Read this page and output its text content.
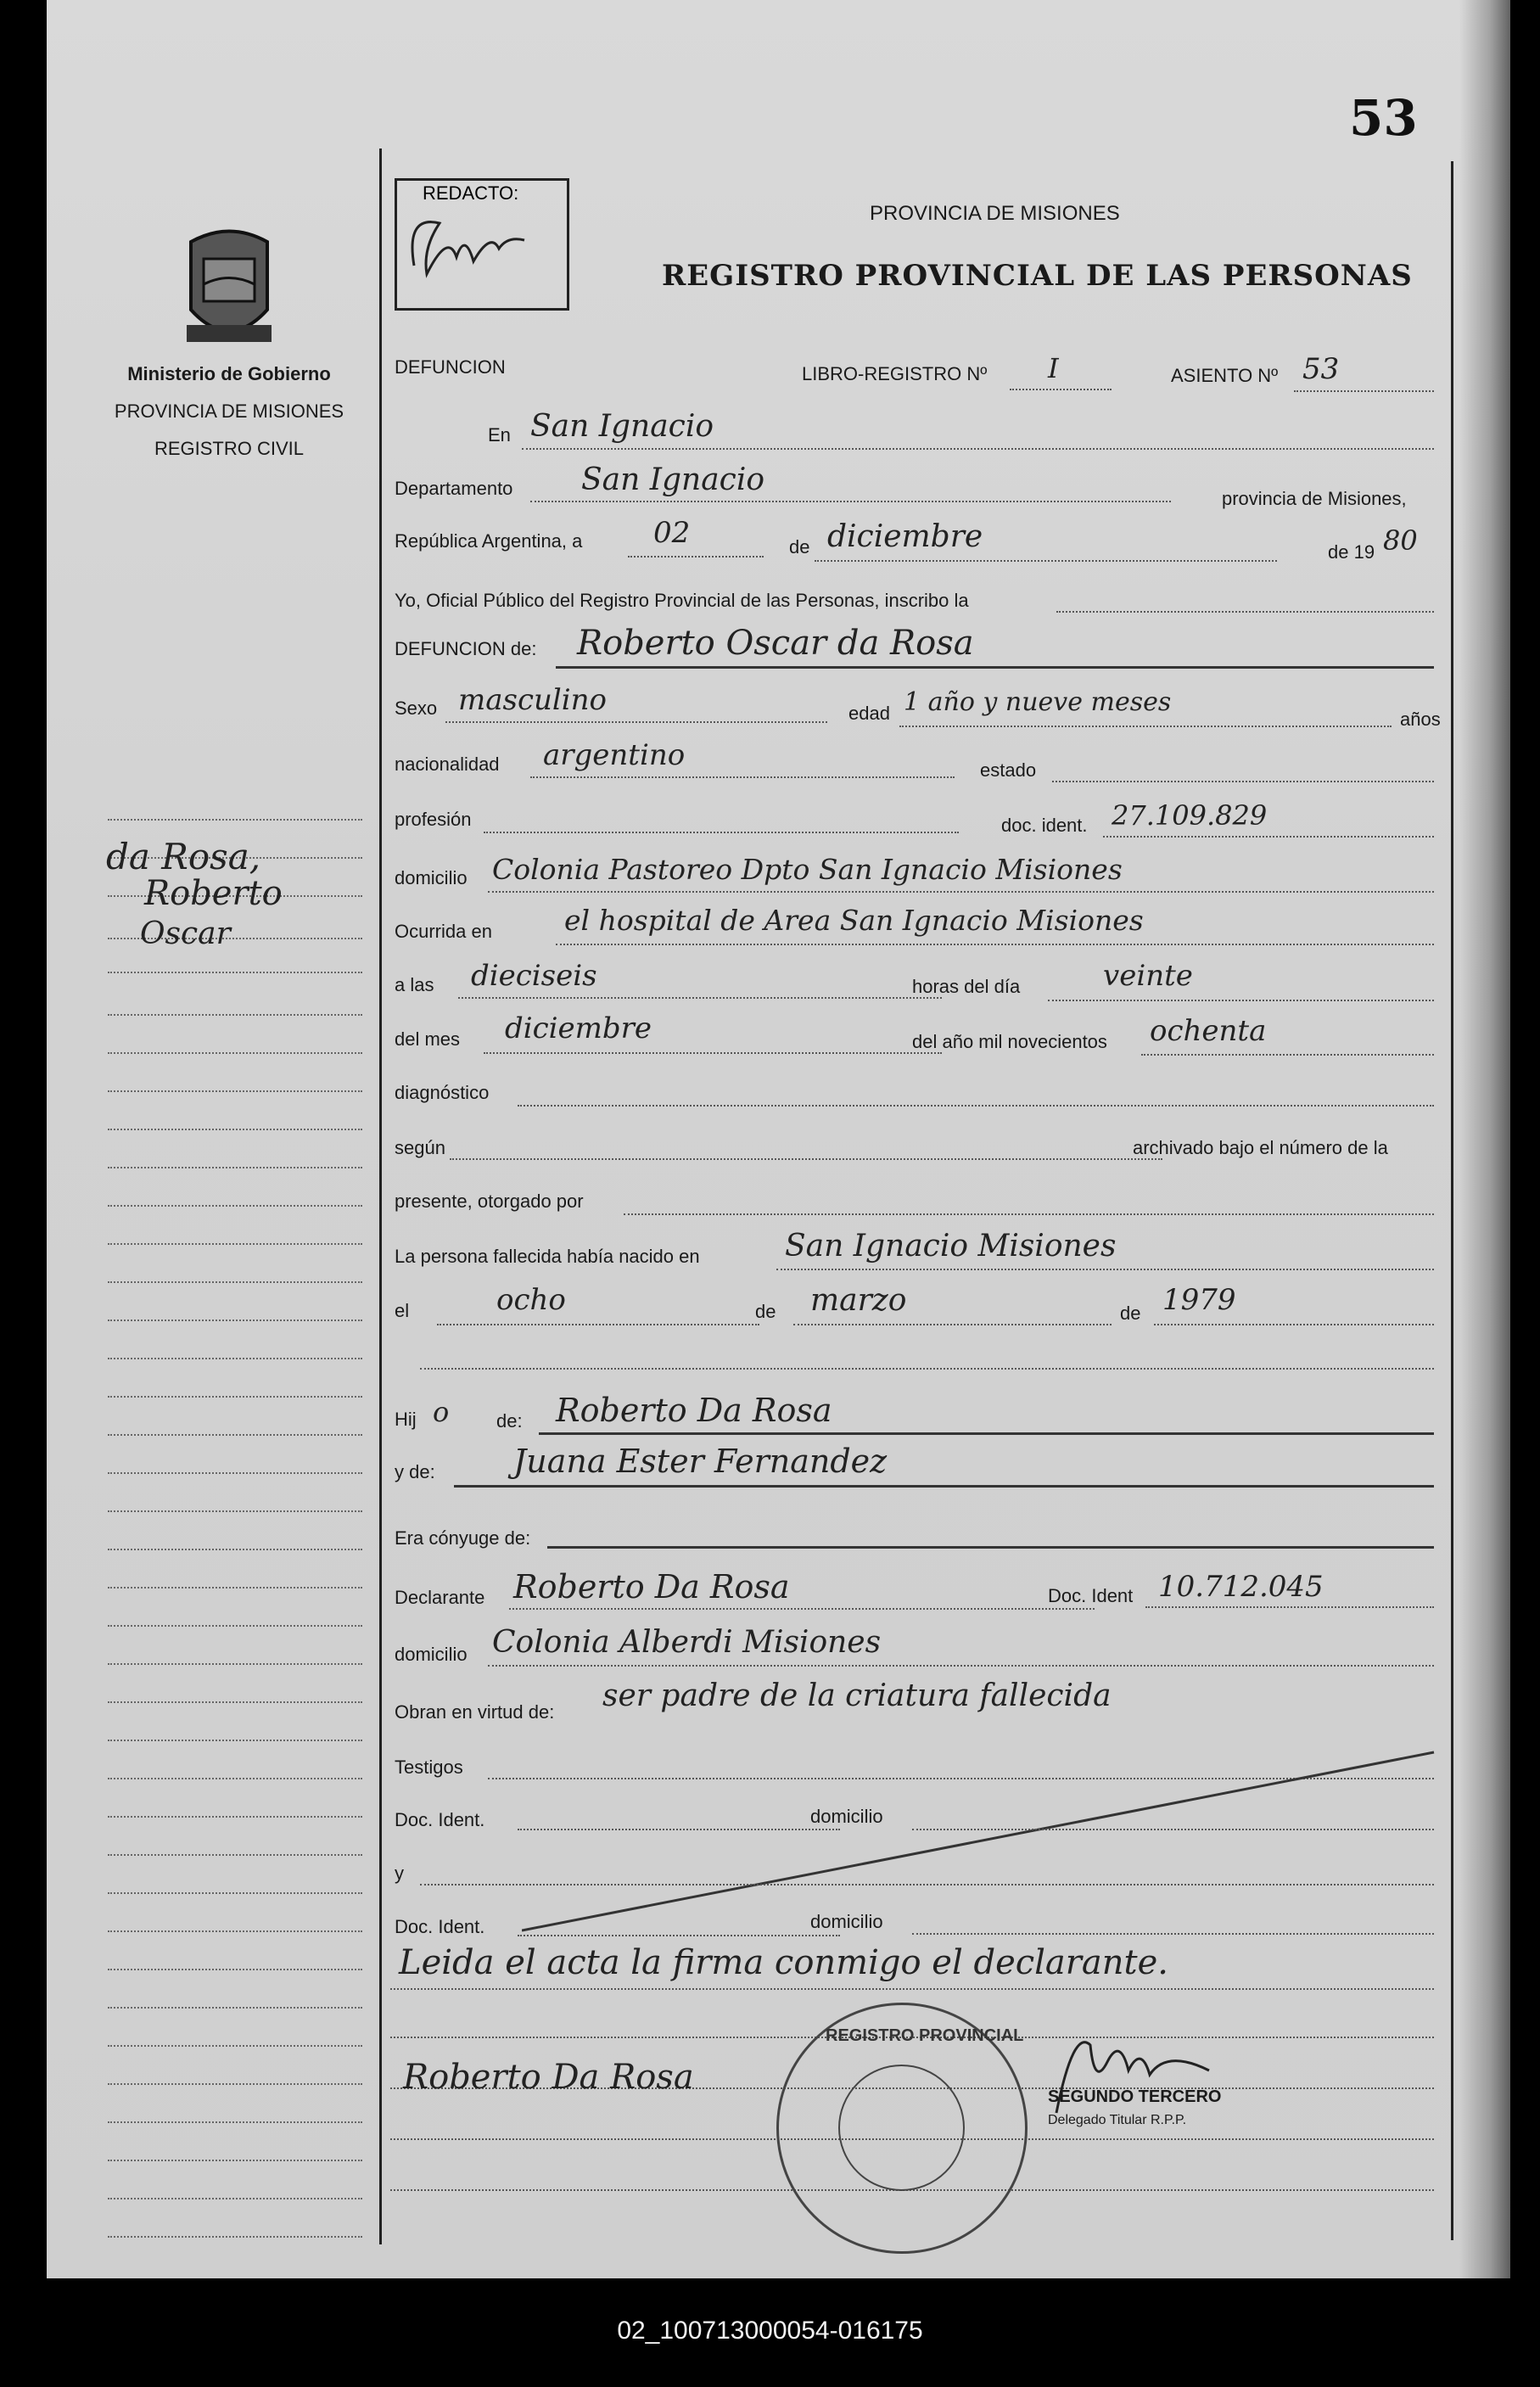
53
Ministerio de Gobierno
PROVINCIA DE MISIONES
REGISTRO CIVIL
REDACTO:
PROVINCIA DE MISIONES
REGISTRO PROVINCIAL DE LAS PERSONAS
da Rosa,
Roberto
Oscar
DEFUNCION	LIBRO-REGISTRO Nº I	ASIENTO Nº 53
En San Ignacio
Departamento San Ignacio
provincia de Misiones,
República Argentina, a 02	de diciembre	de 19 80
Yo, Oficial Público del Registro Provincial de las Personas, inscribo la
DEFUNCION de: Roberto Oscar da Rosa
Sexo masculino	edad 1 año y nueve meses
años
nacionalidad argentino	estado
profesión	doc. ident. 27.109.829
domicilio Colonia Pastoreo Dpto San Ignacio Misiones
Ocurrida en	el hospital de Area San Ignacio Misiones
a las dieciseis	horas del día	veinte
del mes diciembre	del año mil novecientos ochenta
diagnóstico
según	archivado bajo el número de la
presente, otorgado por
La persona fallecida había nacido en	San Ignacio Misiones
el	ocho	de marzo	de 1979
Hij o	de: Roberto Da Rosa
y de: Juana Ester Fernandez
Era cónyuge de:
Declarante Roberto Da Rosa	Doc. Ident 10.712.045
domicilio Colonia Alberdi Misiones
Obran en virtud de: ser padre de la criatura fallecida
Testigos
Doc. Ident.	domicilio
y
Doc. Ident.	domicilio
Leida el acta la firma conmigo el declarante.
Roberto Da Rosa
REGISTRO PROVINCIAL
SEGUNDO TERCERO
Delegado Titular R.P.P.
02_100713000054-016175
